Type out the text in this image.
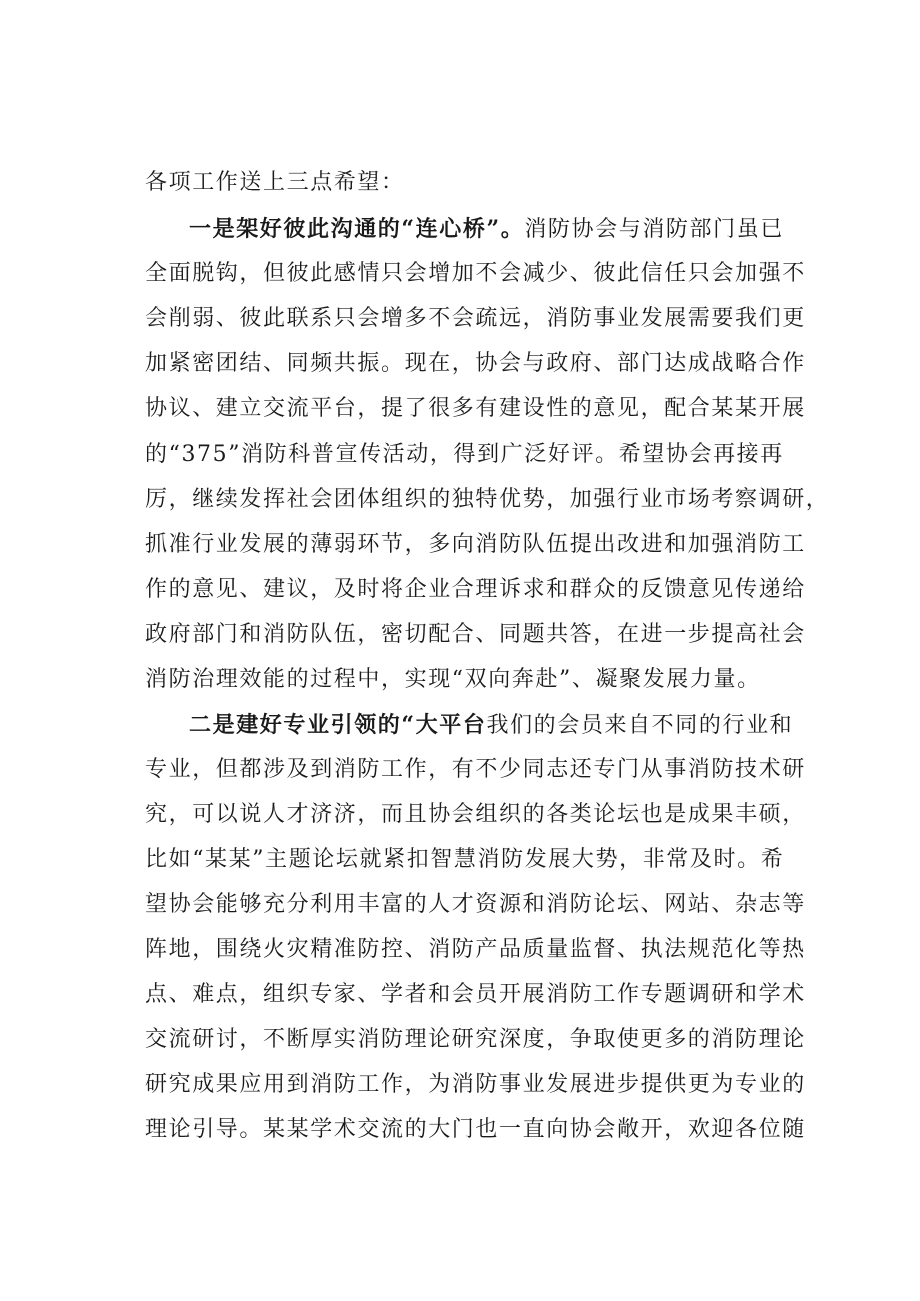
各项工作送上三点希望：
一是架好彼此沟通的“连心桥”。消防协会与消防部门虽已
全面脱钩，但彼此感情只会增加不会减少、彼此信任只会加强不
会削弱、彼此联系只会增多不会疏远，消防事业发展需要我们更
加紧密团结、同频共振。现在，协会与政府、部门达成战略合作
协议、建立交流平台，提了很多有建设性的意见，配合某某开展
的“375”消防科普宣传活动，得到广泛好评。希望协会再接再
厉，继续发挥社会团体组织的独特优势，加强行业市场考察调研，
抓准行业发展的薄弱环节，多向消防队伍提出改进和加强消防工
作的意见、建议，及时将企业合理诉求和群众的反馈意见传递给
政府部门和消防队伍，密切配合、同题共答，在进一步提高社会
消防治理效能的过程中，实现“双向奔赴”、凝聚发展力量。
二是建好专业引领的“大平台我们的会员来自不同的行业和
专业，但都涉及到消防工作，有不少同志还专门从事消防技术研
究，可以说人才济济，而且协会组织的各类论坛也是成果丰硕，
比如“某某”主题论坛就紧扣智慧消防发展大势，非常及时。希
望协会能够充分利用丰富的人才资源和消防论坛、网站、杂志等
阵地，围绕火灾精准防控、消防产品质量监督、执法规范化等热
点、难点，组织专家、学者和会员开展消防工作专题调研和学术
交流研讨，不断厚实消防理论研究深度，争取使更多的消防理论
研究成果应用到消防工作，为消防事业发展进步提供更为专业的
理论引导。某某学术交流的大门也一直向协会敞开，欢迎各位随
